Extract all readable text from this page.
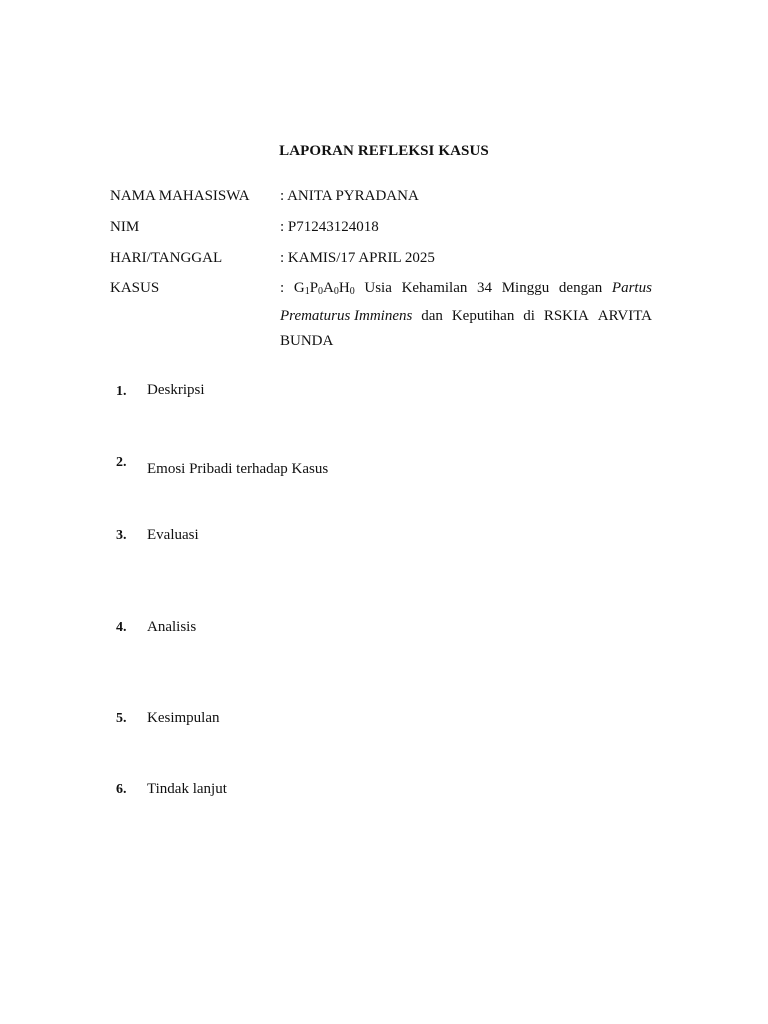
LAPORAN REFLEKSI KASUS
NAMA MAHASISWA	: ANITA PYRADANA
NIM	: P71243124018
HARI/TANGGAL	: KAMIS/17 APRIL 2025
KASUS	: $G_1P_0A_0H_0$ Usia Kehamilan 34 Minggu dengan Partus
Prematurus Imminens dan Keputihan di RSKIA ARVITA
BUNDA
1. Deskripsi
2. Emosi Pribadi terhadap Kasus
3. Evaluasi
4. Analisis
5. Kesimpulan
6. Tindak lanjut
